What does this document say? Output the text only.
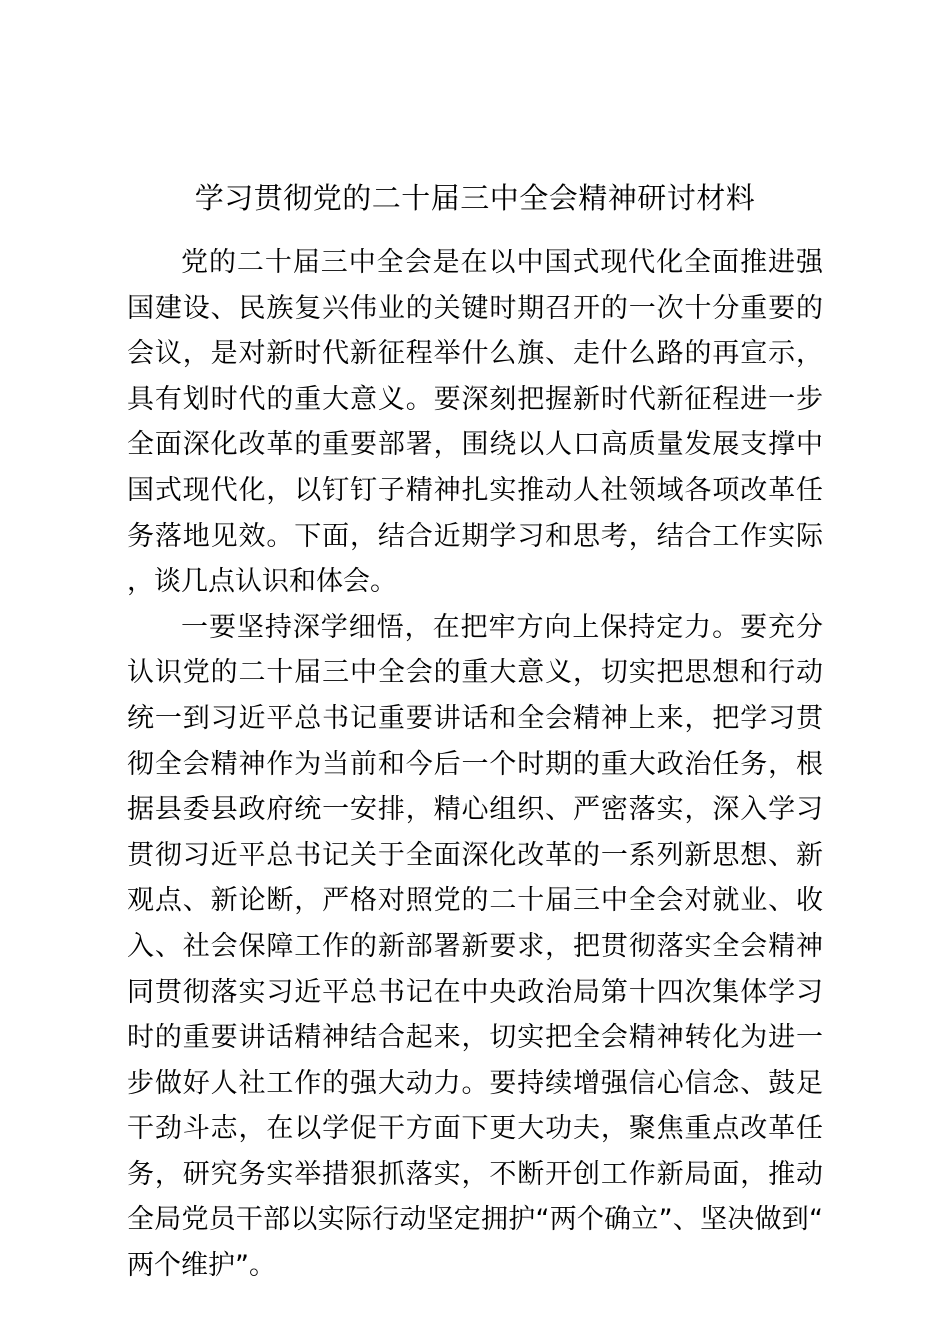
学习贯彻党的二十届三中全会精神研讨材料

党的二十届三中全会是在以中国式现代化全面推进强国建设、民族复兴伟业的关键时期召开的一次十分重要的会议，是对新时代新征程举什么旗、走什么路的再宣示，具有划时代的重大意义。要深刻把握新时代新征程进一步全面深化改革的重要部署，围绕以人口高质量发展支撑中国式现代化，以钉钉子精神扎实推动人社领域各项改革任务落地见效。下面，结合近期学习和思考，结合工作实际，谈几点认识和体会。

一要坚持深学细悟，在把牢方向上保持定力。要充分认识党的二十届三中全会的重大意义，切实把思想和行动统一到习近平总书记重要讲话和全会精神上来，把学习贯彻全会精神作为当前和今后一个时期的重大政治任务，根据县委县政府统一安排，精心组织、严密落实，深入学习贯彻习近平总书记关于全面深化改革的一系列新思想、新观点、新论断，严格对照党的二十届三中全会对就业、收入、社会保障工作的新部署新要求，把贯彻落实全会精神同贯彻落实习近平总书记在中央政治局第十四次集体学习时的重要讲话精神结合起来，切实把全会精神转化为进一步做好人社工作的强大动力。要持续增强信心信念、鼓足干劲斗志，在以学促干方面下更大功夫，聚焦重点改革任务，研究务实举措狠抓落实，不断开创工作新局面，推动全局党员干部以实际行动坚定拥护“两个确立”、坚决做到“两个维护”。
